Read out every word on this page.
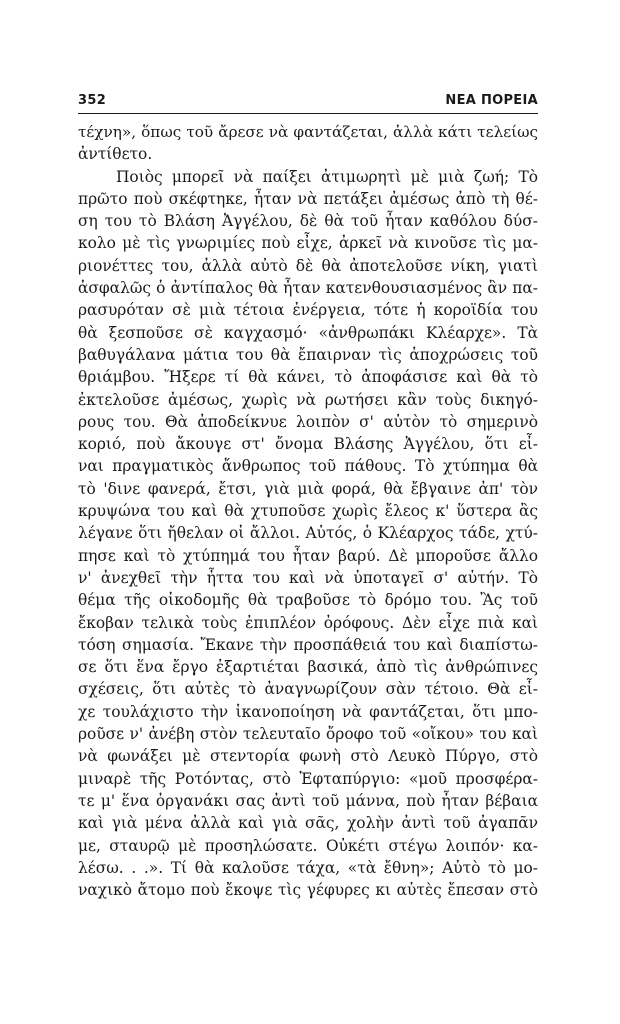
352	ΝΕΑ ΠΟΡΕΙΑ
τέχνη», ὅπως τοῦ ἄρεσε νὰ φαντάζεται, ἀλλὰ κάτι τελείως
ἀντίθετο.
Ποιὸς μπορεῖ νὰ παίξει ἀτιμωρητὶ μὲ μιὰ ζωή; Τὸ
πρῶτο ποὺ σκέφτηκε, ἦταν νὰ πετάξει ἀμέσως ἀπὸ τὴ θέ-
ση του τὸ Βλάση Ἀγγέλου, δὲ θὰ τοῦ ἦταν καθόλου δύσ-
κολο μὲ τὶς γνωριμίες ποὺ εἶχε, ἀρκεῖ νὰ κινοῦσε τὶς μα-
ριονέττες του, ἀλλὰ αὐτὸ δὲ θὰ ἀποτελοῦσε νίκη, γιατὶ
ἀσφαλῶς ὁ ἀντίπαλος θὰ ἦταν κατενθουσιασμένος ἂν πα-
ρασυρόταν σὲ μιὰ τέτοια ἐνέργεια, τότε ἡ κοροϊδία του
θὰ ξεσποῦσε σὲ καγχασμό· «ἀνθρωπάκι Κλέαρχε». Τὰ
βαθυγάλανα μάτια του θὰ ἔπαιρναν τὶς ἀποχρώσεις τοῦ
θριάμβου. Ἤξερε τί θὰ κάνει, τὸ ἀποφάσισε καὶ θὰ τὸ
ἐκτελοῦσε ἀμέσως, χωρὶς νὰ ρωτήσει κἂν τοὺς δικηγό-
ρους του. Θὰ ἀποδείκνυε λοιπὸν σ' αὐτὸν τὸ σημερινὸ
κοριό, ποὺ ἄκουγε στ' ὄνομα Βλάσης Ἀγγέλου, ὅτι εἶ-
ναι πραγματικὸς ἄνθρωπος τοῦ πάθους. Τὸ χτύπημα θὰ
τὸ 'δινε φανερά, ἔτσι, γιὰ μιὰ φορά, θὰ ἔβγαινε ἀπ' τὸν
κρυψώνα του καὶ θὰ χτυποῦσε χωρὶς ἔλεος κ' ὕστερα ἂς
λέγανε ὅτι ἤθελαν οἱ ἄλλοι. Αὐτός, ὁ Κλέαρχος τάδε, χτύ-
πησε καὶ τὸ χτύπημά του ἦταν βαρύ. Δὲ μποροῦσε ἄλλο
ν' ἀνεχθεῖ τὴν ἧττα του καὶ νὰ ὑποταγεῖ σ' αὐτήν. Τὸ
θέμα τῆς οἰκοδομῆς θὰ τραβοῦσε τὸ δρόμο του. Ἂς τοῦ
ἔκοβαν τελικὰ τοὺς ἐπιπλέον ὀρόφους. Δὲν εἶχε πιὰ καὶ
τόση σημασία. Ἔκανε τὴν προσπάθειά του καὶ διαπίστω-
σε ὅτι ἕνα ἔργο ἐξαρτιέται βασικά, ἀπὸ τὶς ἀνθρώπινες
σχέσεις, ὅτι αὐτὲς τὸ ἀναγνωρίζουν σὰν τέτοιο. Θὰ εἶ-
χε τουλάχιστο τὴν ἱκανοποίηση νὰ φαντάζεται, ὅτι μπο-
ροῦσε ν' ἀνέβη στὸν τελευταῖο ὄροφο τοῦ «οἴκου» του καὶ
νὰ φωνάξει μὲ στεντορία φωνὴ στὸ Λευκὸ Πύργο, στὸ
μιναρὲ τῆς Ροτόντας, στὸ Ἑφταπύργιο: «μοῦ προσφέρα-
τε μ' ἕνα ὀργανάκι σας ἀντὶ τοῦ μάννα, ποὺ ἦταν βέβαια
καὶ γιὰ μένα ἀλλὰ καὶ γιὰ σᾶς, χολὴν ἀντὶ τοῦ ἀγαπᾶν
με, σταυρῷ μὲ προσηλώσατε. Οὐκέτι στέγω λοιπόν· κα-
λέσω. . .». Τί θὰ καλοῦσε τάχα, «τὰ ἔθνη»; Αὐτὸ τὸ μο-
ναχικὸ ἄτομο ποὺ ἔκοψε τὶς γέφυρες κι αὐτὲς ἔπεσαν στὸ
